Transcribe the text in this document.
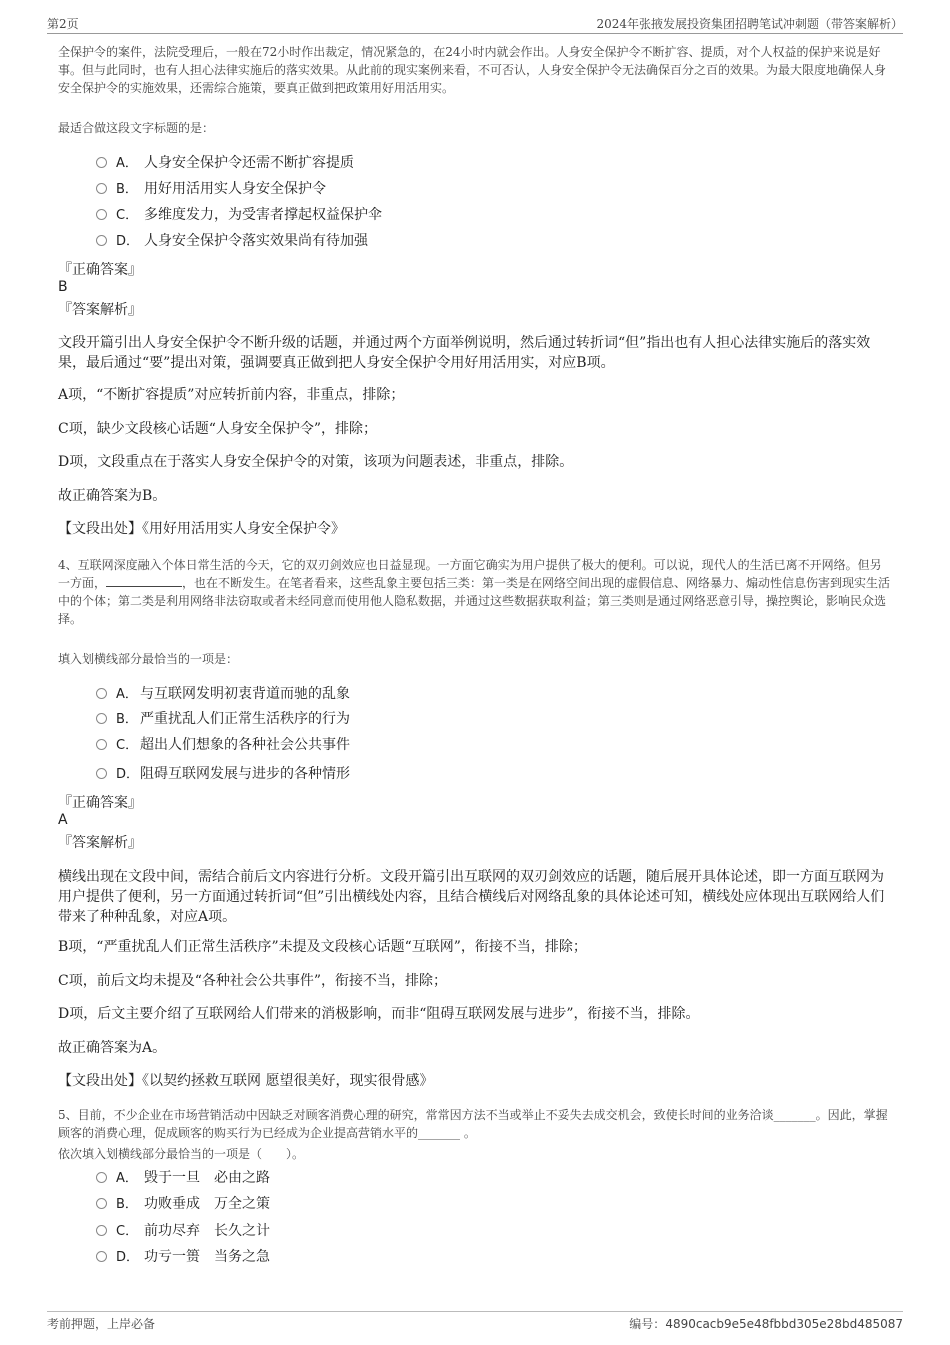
第2页	2024年张掖发展投资集团招聘笔试冲刺题（带答案解析）
全保护令的案件，法院受理后，一般在72小时作出裁定，情况紧急的，在24小时内就会作出。人身安全保护令不断扩容、提质，对个人权益的保护来说是好事。但与此同时，也有人担心法律实施后的落实效果。从此前的现实案例来看，不可否认，人身安全保护令无法确保百分之百的效果。为最大限度地确保人身安全保护令的实施效果，还需综合施策，要真正做到把政策用好用活用实。
最适合做这段文字标题的是：
A． 人身安全保护令还需不断扩容提质
B． 用好用活用实人身安全保护令
C． 多维度发力，为受害者撑起权益保护伞
D． 人身安全保护令落实效果尚有待加强
『正确答案』
B
『答案解析』
文段开篇引出人身安全保护令不断升级的话题，并通过两个方面举例说明，然后通过转折词“但”指出也有人担心法律实施后的落实效果，最后通过“要”提出对策，强调要真正做到把人身安全保护令用好用活用实，对应B项。
A项，“不断扩容提质”对应转折前内容，非重点，排除；
C项，缺少文段核心话题“人身安全保护令”，排除；
D项，文段重点在于落实人身安全保护令的对策，该项为问题表述，非重点，排除。
故正确答案为B。
【文段出处】《用好用活用实人身安全保护令》
4、互联网深度融入个体日常生活的今天，它的双刃剑效应也日益显现。一方面它确实为用户提供了极大的便利。可以说，现代人的生活已离不开网络。但另一方面，	，也在不断发生。在笔者看来，这些乱象主要包括三类：第一类是在网络空间出现的虚假信息、网络暴力、煽动性信息伤害到现实生活中的个体；第二类是利用网络非法窃取或者未经同意而使用他人隐私数据，并通过这些数据获取利益；第三类则是通过网络恶意引导，操控舆论，影响民众选择。
填入划横线部分最恰当的一项是：
A． 与互联网发明初衷背道而驰的乱象
B． 严重扰乱人们正常生活秩序的行为
C． 超出人们想象的各种社会公共事件
D．阻碍互联网发展与进步的各种情形
『正确答案』
A
『答案解析』
横线出现在文段中间，需结合前后文内容进行分析。文段开篇引出互联网的双刃剑效应的话题，随后展开具体论述，即一方面互联网为用户提供了便利，另一方面通过转折词“但”引出横线处内容，且结合横线后对网络乱象的具体论述可知，横线处应体现出互联网给人们带来了种种乱象，对应A项。
B项，“严重扰乱人们正常生活秩序”未提及文段核心话题“互联网”，衔接不当，排除；
C项，前后文均未提及“各种社会公共事件”，衔接不当，排除；
D项，后文主要介绍了互联网给人们带来的消极影响，而非“阻碍互联网发展与进步”，衔接不当，排除。
故正确答案为A。
【文段出处】《以契约拯救互联网 愿望很美好，现实很骨感》
5、目前，不少企业在市场营销活动中因缺乏对顾客消费心理的研究，常常因方法不当或举止不妥失去成交机会，致使长时间的业务洽谈_______。因此，掌握顾客的消费心理，促成顾客的购买行为已经成为企业提高营销水平的_______ 。
依次填入划横线部分最恰当的一项是（　　）。
A． 毁于一旦　必由之路
B． 功败垂成　万全之策
C． 前功尽弃　长久之计
D． 功亏一篑　当务之急
考前押题，上岸必备	编号：4890cacb9e5e48fbbd305e28bd485087
